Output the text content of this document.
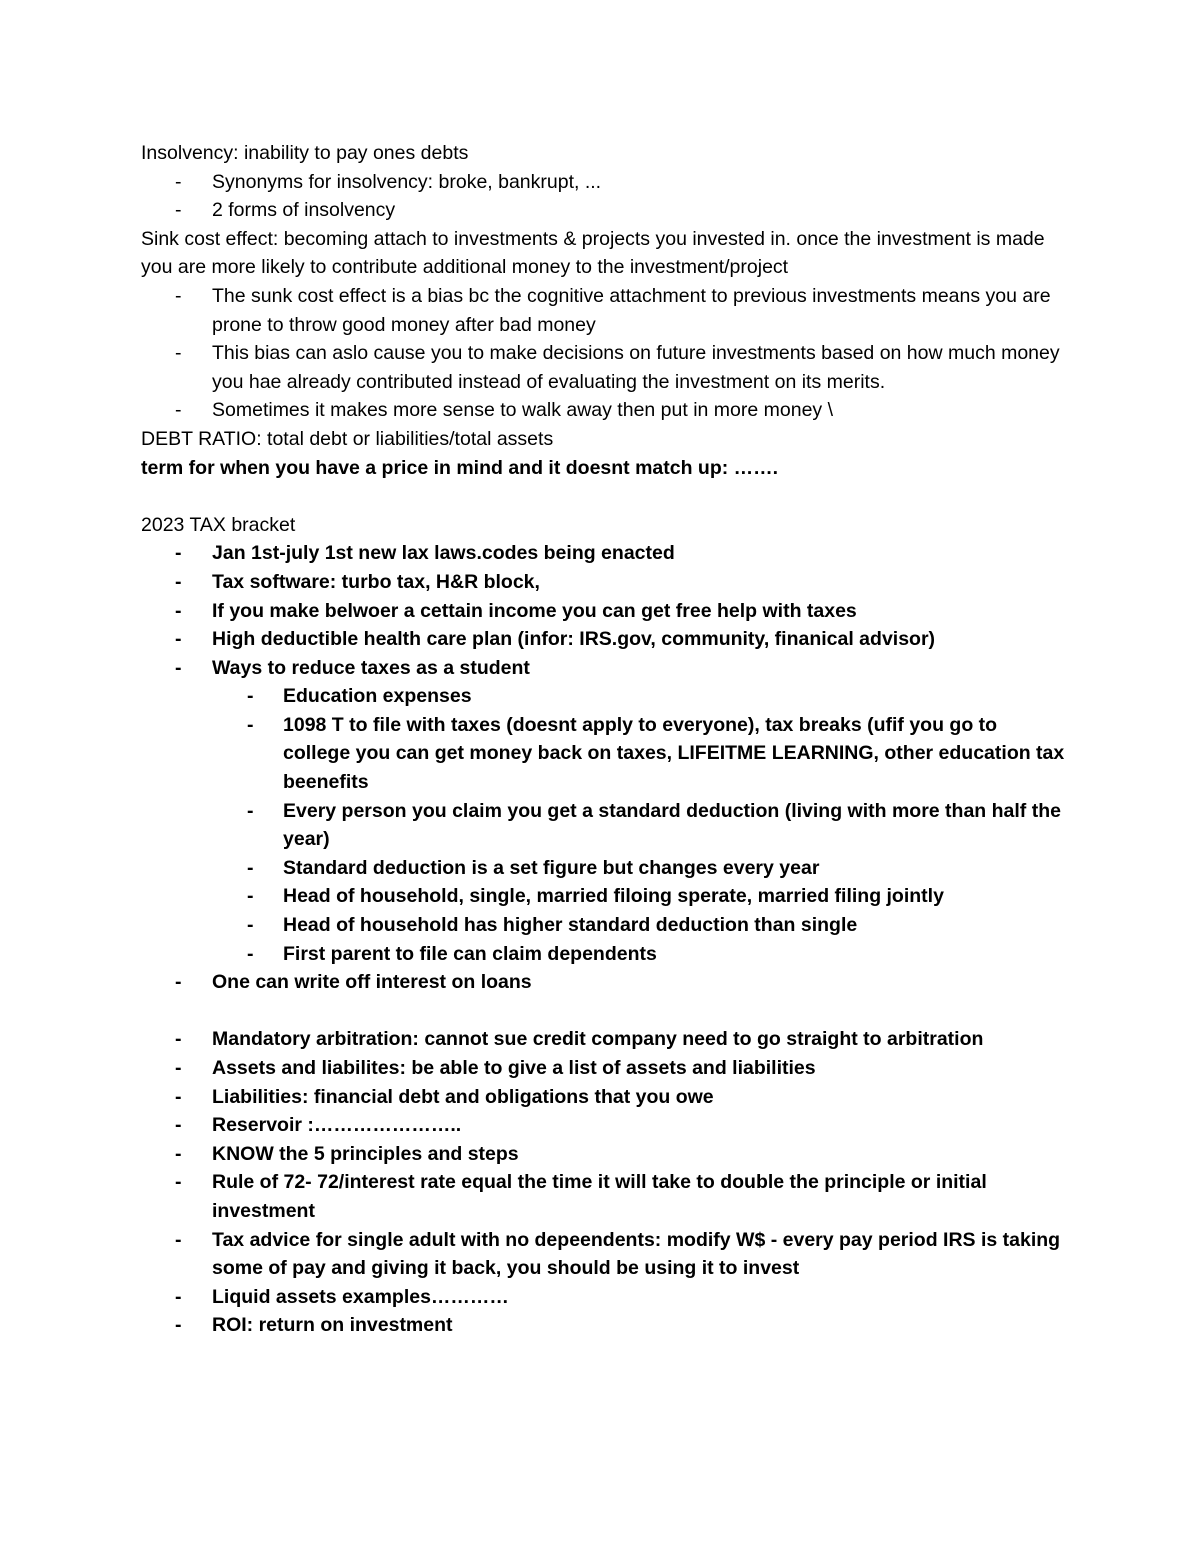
Insolvency: inability to pay ones debts

- Synonyms for insolvency: broke, bankrupt, ...
- 2 forms of insolvency

Sink cost effect: becoming attach to investments & projects you invested in. once the investment is made you are more likely to contribute additional money to the investment/project

- The sunk cost effect is a bias bc the cognitive attachment to previous investments means you are prone to throw good money after bad money
- This bias can aslo cause you to make decisions on future investments based on how much money you hae already contributed instead of evaluating the investment on its merits.
- Sometimes it makes more sense to walk away then put in more money \

DEBT RATIO: total debt or liabilities/total assets

term for when you have a price in mind and it doesnt match up: …….

2023 TAX bracket

- Jan 1st-july 1st new lax laws.codes being enacted
- Tax software: turbo tax, H&R block,
- If you make belwoer a cettain income you can get free help with taxes
- High deductible health care plan (infor: IRS.gov, community, finanical advisor)
- Ways to reduce taxes as a student
- Education expenses
- 1098 T to file with taxes (doesnt apply to everyone), tax breaks (ufif you go to college you can get money back on taxes, LIFEITME LEARNING, other education tax beenefits
- Every person you claim you get a standard deduction (living with more than half the year)
- Standard deduction is a set figure but changes every year
- Head of household, single, married filoing sperate, married filing jointly
- Head of household has higher standard deduction than single
- First parent to file can claim dependents
- One can write off interest on loans
- Mandatory arbitration: cannot sue credit company need to go straight to arbitration
- Assets and liabilites: be able to give a list of assets and liabilities
- Liabilities: financial debt and obligations that you owe
- Reservoir :…………………..
- KNOW the 5 principles and steps
- Rule of 72- 72/interest rate equal the time it will take to double the principle or initial investment
- Tax advice for single adult with no depeendents: modify W$ - every pay period IRS is taking some of pay and giving it back, you should be using it to invest
- Liquid assets examples…………
- ROI: return on investment
